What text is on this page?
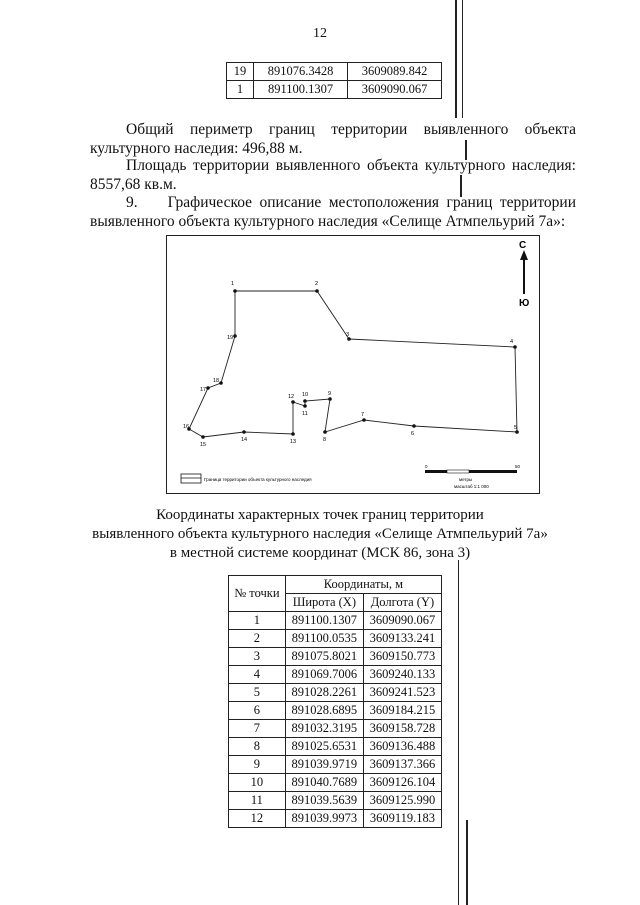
12
19	891076.3428	3609089.842
1	891100.1307	3609090.067
Общий периметр границ территории выявленного объекта культурного наследия: 496,88 м.
Площадь территории выявленного объекта культурного наследия: 8557,68 кв.м.
9. Графическое описание местоположения границ территории выявленного объекта культурного наследия «Селище Атмпельурий 7а»:
1	2
3
4
5
6
7
8
9
10
11
12
13
14
15
16
17
18
19
С
Ю
Граница территории объекта культурного наследия
0	50
метры
масштаб 1:1 000
Координаты характерных точек границ территории
выявленного объекта культурного наследия «Селище Атмпельурий 7а»
в местной системе координат (МСК 86, зона 3)
№ точки	Координаты, м	
	Широта (X)	Долгота (Y)
1	891100.1307	3609090.067
2	891100.0535	3609133.241
3	891075.8021	3609150.773
4	891069.7006	3609240.133
5	891028.2261	3609241.523
6	891028.6895	3609184.215
7	891032.3195	3609158.728
8	891025.6531	3609136.488
9	891039.9719	3609137.366
10	891040.7689	3609126.104
11	891039.5639	3609125.990
12	891039.9973	3609119.183
